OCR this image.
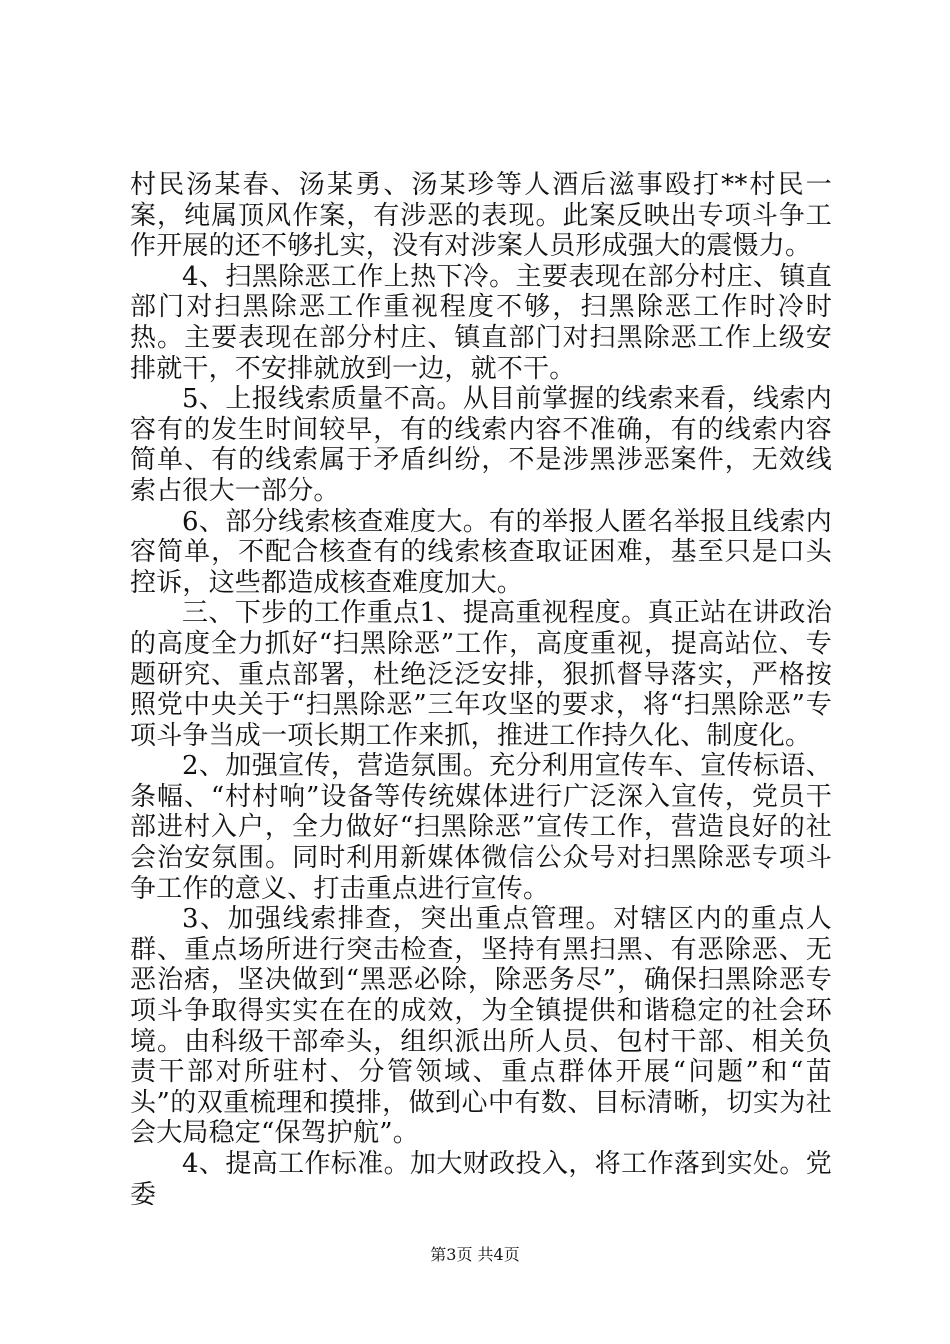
村民汤某春、汤某勇、汤某珍等人酒后滋事殴打**村民一案，纯属顶风作案，有涉恶的表现。此案反映出专项斗争工作开展的还不够扎实，没有对涉案人员形成强大的震慑力。

4、扫黑除恶工作上热下冷。主要表现在部分村庄、镇直部门对扫黑除恶工作重视程度不够，扫黑除恶工作时冷时热。主要表现在部分村庄、镇直部门对扫黑除恶工作上级安排就干，不安排就放到一边，就不干。

5、上报线索质量不高。从目前掌握的线索来看，线索内容有的发生时间较早，有的线索内容不准确，有的线索内容简单、有的线索属于矛盾纠纷，不是涉黑涉恶案件，无效线索占很大一部分。

6、部分线索核查难度大。有的举报人匿名举报且线索内容简单，不配合核查有的线索核查取证困难，基至只是口头控诉，这些都造成核查难度加大。

三、下步的工作重点1、提高重视程度。真正站在讲政治的高度全力抓好“扫黑除恶”工作，高度重视，提高站位、专题研究、重点部署，杜绝泛泛安排，狠抓督导落实，严格按照党中央关于“扫黑除恶”三年攻坚的要求，将“扫黑除恶”专项斗争当成一项长期工作来抓，推进工作持久化、制度化。

2、加强宣传，营造氛围。充分利用宣传车、宣传标语、条幅、“村村响”设备等传统媒体进行广泛深入宣传，党员干部进村入户，全力做好“扫黑除恶”宣传工作，营造良好的社会治安氛围。同时利用新媒体微信公众号对扫黑除恶专项斗争工作的意义、打击重点进行宣传。

3、加强线索排查，突出重点管理。对辖区内的重点人群、重点场所进行突击检查，坚持有黑扫黑、有恶除恶、无恶治痞，坚决做到“黑恶必除，除恶务尽”，确保扫黑除恶专项斗争取得实实在在的成效，为全镇提供和谐稳定的社会环境。由科级干部牵头，组织派出所人员、包村干部、相关负责干部对所驻村、分管领域、重点群体开展“问题”和“苗头”的双重梳理和摸排，做到心中有数、目标清晰，切实为社会大局稳定“保驾护航”。

4、提高工作标准。加大财政投入，将工作落到实处。党委

第3页 共4页
